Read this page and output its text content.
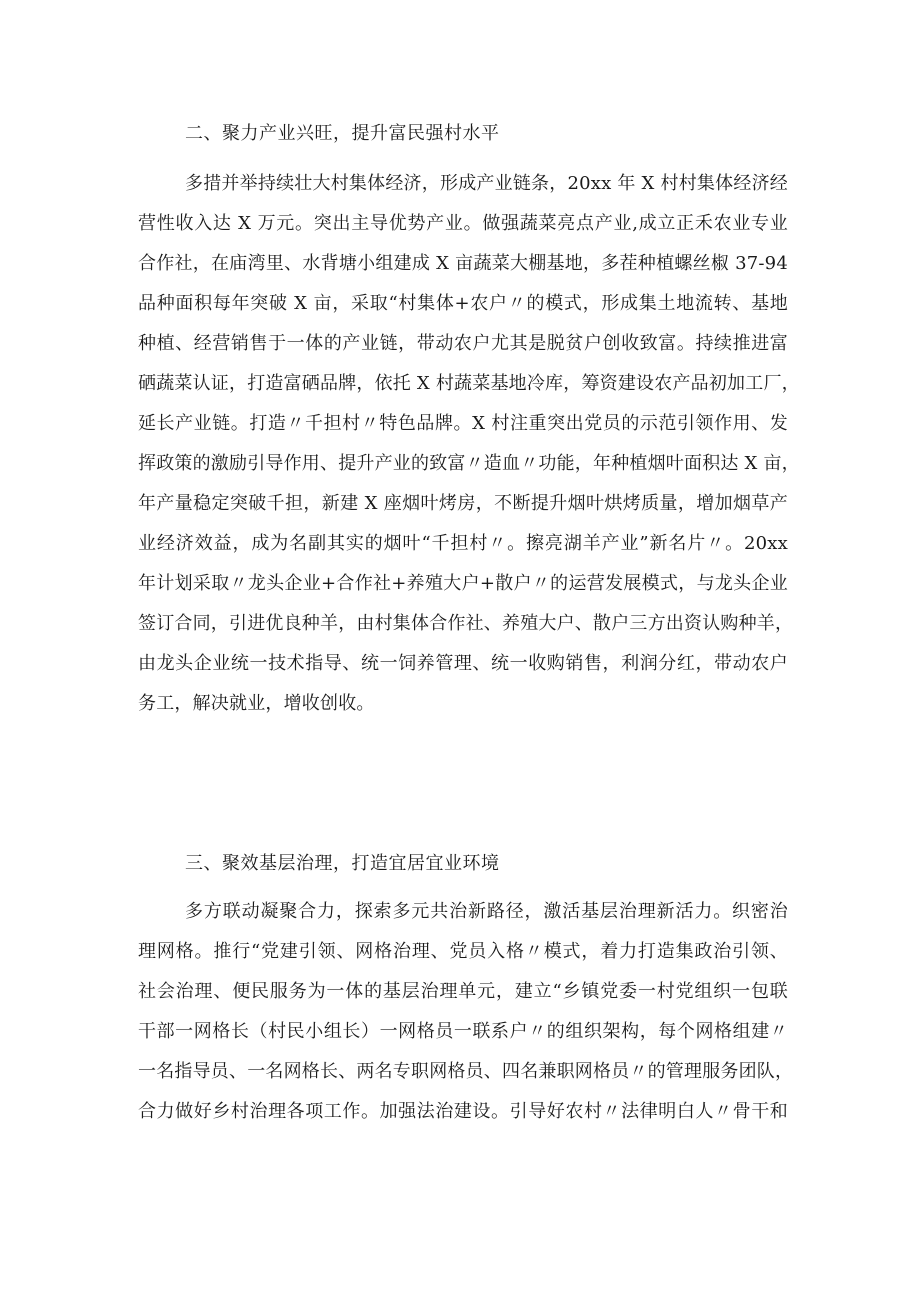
二、聚力产业兴旺，提升富民强村水平
多措并举持续壮大村集体经济，形成产业链条，20xx 年 X 村村集体经济经
营性收入达 X 万元。突出主导优势产业。做强蔬菜亮点产业,成立正禾农业专业
合作社，在庙湾里、水背塘小组建成 X 亩蔬菜大棚基地，多茬种植螺丝椒 37-94
品种面积每年突破 X 亩，采取“村集体+农户〃的模式，形成集土地流转、基地
种植、经营销售于一体的产业链，带动农户尤其是脱贫户创收致富。持续推进富
硒蔬菜认证，打造富硒品牌，依托 X 村蔬菜基地冷库，筹资建设农产品初加工厂，
延长产业链。打造〃千担村〃特色品牌。X 村注重突出党员的示范引领作用、发
挥政策的激励引导作用、提升产业的致富〃造血〃功能，年种植烟叶面积达 X 亩，
年产量稳定突破千担，新建 X 座烟叶烤房，不断提升烟叶烘烤质量，增加烟草产
业经济效益，成为名副其实的烟叶“千担村〃。擦亮湖羊产业”新名片〃。20xx
年计划采取〃龙头企业+合作社+养殖大户+散户〃的运营发展模式，与龙头企业
签订合同，引进优良种羊，由村集体合作社、养殖大户、散户三方出资认购种羊，
由龙头企业统一技术指导、统一饲养管理、统一收购销售，利润分红，带动农户
务工，解决就业，增收创收。
三、聚效基层治理，打造宜居宜业环境
多方联动凝聚合力，探索多元共治新路径，激活基层治理新活力。织密治
理网格。推行“党建引领、网格治理、党员入格〃模式，着力打造集政治引领、
社会治理、便民服务为一体的基层治理单元，建立“乡镇党委一村党组织一包联
干部一网格长（村民小组长）一网格员一联系户〃的组织架构，每个网格组建〃
一名指导员、一名网格长、两名专职网格员、四名兼职网格员〃的管理服务团队，
合力做好乡村治理各项工作。加强法治建设。引导好农村〃法律明白人〃骨干和
